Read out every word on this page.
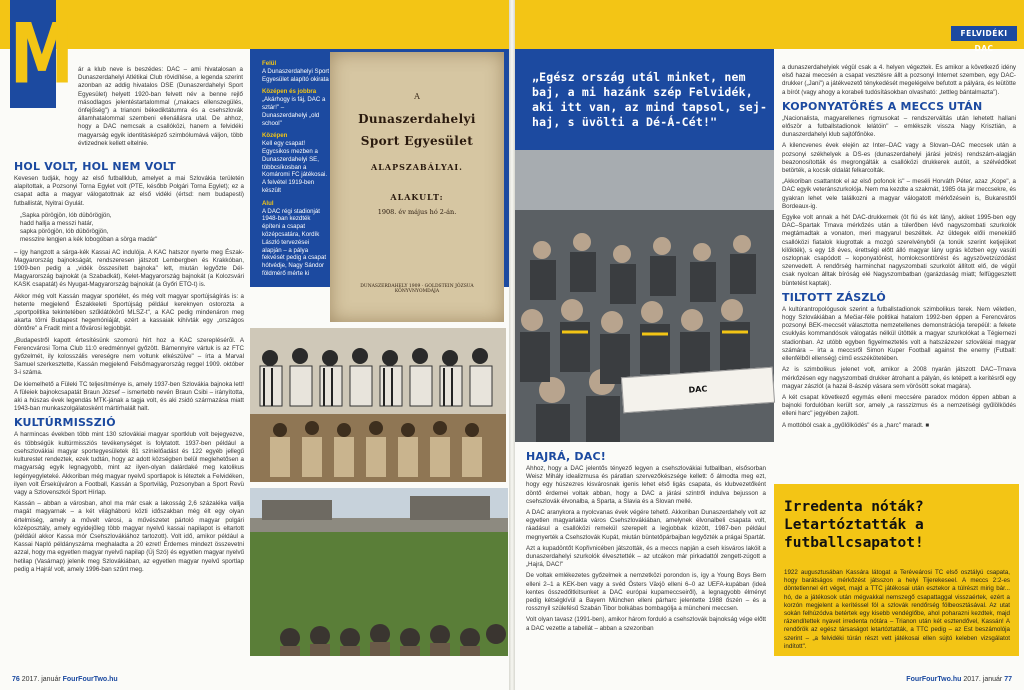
M ár a klub neve is beszédes: DAC – ami hivatalosan a Dunaszerdahelyi Atlétikai Club rövidítése, a legenda szerint azonban az addig hivatalos DSE (Dunaszerdahelyi Sport Egyesület) helyett 1920-ban felvett név a benne rejlő másodlagos jelentéstartalommal („makacs ellenszegülés, önfejűség") a trianoni békediktátumra és a csehszlovák államhatalommal szembeni ellenállásra utal. De ahhoz, hogy a DAC nemcsak a csallóközi, hanem a felvidéki magyarság egyik identitásképző szimbólumává váljon, több évtizednek kellett eltelnie.

HOL VOLT, HOL NEM VOLT

Kevesen tudják, hogy az első futballklub, amelyet a mai Szlovákia területén alapítottak, a Pozsonyi Torna Egylet volt (PTE, később Polgári Torna Egylet); ez a csapat adta a magyar válogatottnak az első vidéki (értsd: nem budapesti) futballistát, Nyitrai Gyulát.

„Sapka pörögjön, lób dübörögjön,
hadd hallja a messzi határ,
sapka pörögjön, lób dübörögjön,
messzire lengjen a kék lobogóban a sörga madár"

– így hangzott a sárga-kék Kassai AC indulója. A KAC hatszor nyerte meg Észak-Magyarország bajnokságát, rendszeresen játszott Lembergben és Krakkóban, 1909-ben pedig a „vidék összesített bajnoka" lett, miután legyőzte Dél-Magyarország bajnokát (a Szabadkát), Kelet-Magyarország bajnokát (a Kolozsvári KASK csapatát) és Nyugat-Magyarország bajnokát (a Győri ETO-t) is.

Akkor még volt Kassán magyar sportélet, és még volt magyar sportújságírás is: a hetente megjelenő Északkeleti Sportújság például kereknyen ostorozta a „sportpolitika tekintetében szűklátókörű MLSZ-t", a KAC pedig mindenáron meg akarta törni Budapest hegemóniáját, ezért a kassaiak kihívták egy „országos döntőre" a Fradit mint a fővárosi legjobbját.

„Budapestről kapott értesítésünk szomorú hírt hoz a KAC szereplésérõl. A Ferencvárosi Torna Club 11:0 eredménnyel győzött. Bámennyire vártuk is az FTC győzelmét, ily kolosszális vereségre nem voltunk elkészülve" – írta a Marval Samuel szerkesztette, Kassán megjelenő Felsőmagyarország reggel 1909. október 3-i száma.

De kiemelhető a Füleki TC teljesítménye is, amely 1937-ben Szlovákia bajnoka lett! A füleiek bajnokcsapatát Braun József – ismertebb nevén Braun Csibi – irányította, aki a húszas évek legendás MTK-jának a tagja volt, és aki zsidó származása miatt 1943-ban munkaszolgálatosként mártírhalált halt.

KULTÚRMISSZIÓ

A harmincas években több mint 130 szlovákiai magyar sportklub volt bejegyezve, és többségük kultúrmissziós tevékenységet is folytatott. 1937-ben például a csehszlovákiai magyar sportegyesületek 81 színielőadást és 122 egyéb jellegű kulturestet rendeztek, ezek tudtán, hogy az adott községben belül meglehetősen a magyarság egyik legnagyobb, mint az ilyen-olyan dalárdaké meg katolikus legényegyleteké. Akkoriban még magyar nyelvű sportlapok is léteztek a Felvidéken, ilyen volt Érsekújváron a Football, Kassán a Sportvilág, Pozsonyban a Sport Revü vagy a Szlovenszkói Sport Hírlap.

Kassán – abban a városban, ahol ma már csak a lakosság 2,6 százaléka vallja magát magyarnak – a két világháború közti időszakban még élt egy olyan értelmiség, amely a művelt városi, a művészetet pártoló magyar polgári középosztály, amely egyidejűleg több magyar nyelvű kassai napilapot is eltartott (példáúl akkor Kassa mór Csehszlovákiához tartozott). Volt idő, amikor például a Kassai Napló példányszáma meghaladta a 20 ezret! Érdemes mindezt összevetni azzal, hogy ma egyetlen magyar nyelvű napilap (Új Szó) és egyetlen magyar nyelvű hetilap (Vasárnap) jelenik meg Szlovákiában, az egyetlen magyar nyelvű sportlap pedig a Hajrá! volt, amely 1996-ban szűnt meg.

Felül
A Dunaszerdahelyi Sport Egyesület alapító okirata

Középen és jobbra
„Akárhogy is fáj, DAC a sztár!" – Dunaszerdahelyi „old school"

Középen
Kell egy csapat! Egycsikos mezben a Dunaszerdahelyi SE, többcsíkosban a Komáromi FC játékosai. A felvétel 1919-ben készült

Alul
A DAC régi stadionját 1948-ban kezdték építeni a csapat középcsatára, Kordík László tervezései alapján – a pálya fekvését pedig a csapat hótvédje, Nagy Sándor földmérő mérte ki

A
Dunaszerdahelyi
Sport Egyesület
ALAPSZABÁLYAI.
ALAKULT:
1908. év május hó 2-án.
DUNASZERDAHELY 1909 · GOLDSTEIN JÓZSUA KÖNYVNYOMDÁJA
76 2017. január FourFourTwo.hu
FELVIDÉKI DAC
„Egész ország utál minket, nem baj, a mi hazánk szép Felvidék, aki itt van, az mind tapsol, sej-haj, s üvölti a Dé-Á-Cét!"
DAC
HAJRÁ, DAC!

Ahhoz, hogy a DAC jelentős tényező legyen a csehszlovákiai futballban, elsősorban Weisz Mihály idealizmusa és páratlan szervezőkészsége kellett: ő álmodta meg ezt, hogy egy húszezres kisvárosnak igenis lehet első ligás csapata, és klubvezetőként döntő érdemei voltak abban, hogy a DAC a járási szintről indulva bejusson a csehszlovák élvonalba, a Sparta, a Slavia és a Slovan mellé.

A DAC aranykora a nyolcvanas évek végére tehető. Akkoriban Dunaszerdahely volt az egyetlen magyarlakta város Csehszlovákiában, amelynek élvonalbeli csapata volt, ráadásul a csallóközi remekül szerepelt a legjobbak között, 1987-ben például megnyerték a Csehszlovák Kupát, miután büntetőpárbajban legyőzték a prágai Spartát.

Azt a kupadöntőt Kopřivnicében játszották, és a meccs napján a cseh kisváros lakóit a dunaszerdahelyi szurkolók élvesztették – az utcákon már pirkadattól zengett-zúgott a „Hajrá, DAC!"

De voltak emlékezetes győzelmek a nemzetközi porondon is, így a Young Boys Bern elleni 2–1 a KEK-ben vagy a svéd Östers Växjö elleni 6–0 az UEFA-kupában (ideá kentes összedőltkitsunket a DAC európai kupameccseiről), a legnagyobb élményt pedig kétségkívül a Bayern München elleni párharc jelentette 1988 őszén – és a rossznyíl szülefésű Szabán Tibor bolkábas bombagólja a müncheni meccsen.

Volt olyan tavasz (1991-ben), amikor három forduló a csehszlovák bajnokság vége előtt a DAC vezette a tabellát – abban a szezonban

a dunaszerdahelyiek végül csak a 4. helyen végeztek. És amikor a következő idény első hazai meccsén a csapat vesztésre állt a pozsonyi Internet szemben, egy DAC-drukker („Jani") a játékvezető ténykedését megelégelve befutott a pályára, és leütötte a bírót (vagy ahogy a korabeli tudósításokban olvasható: „tettleg bántalmazta").

KOPONYATÖRÉS A MECCS UTÁN

„Nacionalista, magyarellenes rigmusokat – rendszerváltás után lehetett hallani először a futballstadionok lelátóin" – emlékszik vissza Nagy Krisztián, a dunaszerdahelyi klub sajtófőnöke.

A kilencvenes évek elején az Inter–DAC vagy a Slovan–DAC meccsek után a pozsonyi székhelyek a DS-es (dunaszerdahelyi járási jelzés) rendszám-alagján beazonosították és megrongálták a csallóközi drukkerek autóit, a szélvédőket betörték, a kocsik oldalát felkarcolták.

„Akkoriban csattantok el az első pofonok is" – meséli Horváth Péter, azaz „Kope", a DAC egyik veteránszurkolója. Nem ma kezdte a szakmát, 1985 óta jár meccsekre, és gyakran lehet vele találkozni a magyar válogatott mérkőzésein is, Bukaresttől Bordeaux-ig.

Egyike volt annak a hét DAC-drukkernek (öt fiú és két lány), akiket 1995-ben egy DAC–Spartak Trnava mérkőzés után a túlerőben lévő nagyszombati szurkolók megtámadtak a vonaton, meri magyarul beszéltek. Az üldegek előli menekülő csallóközi fiatalok kiugrottak a mozgó szerelvényből (a tonúk szerint ketjejüket kilökték), s egy 18 éves, érettségi előtt álló magyar lány ugrás közben egy vasúti oszlopnak csapódott – koponyatörést, homlokcsonttörést és agyszövetzúzódást szenvedett. A rendőrség harminchat nagyszombati szurkolót állított elő, de végül csak nyolcan álltak bíróság elé Nagyszombatban (garázdaság miatt; felfüggesztett büntetést kaptak).

TILTOTT ZÁSZLÓ

A kultúrantropológusok szerint a futballstadionok szimbolikus terek. Nem véletlen, hogy Szlovákiában a Mečiar-féle politikai hatalom 1992-ben éppen a Ferencváros pozsonyi BEK-meccsét választotta nemzetellenes demonstrációja terepéül: a fekete csuklyás kommandósok válogatás nélkül ütötték a magyar szurkolókat a Tégiernezi stadionban. Az utóbb egyben figyelmeztetés volt a hatszázezer szlovákiai magyar számára – írta a meccsről Simon Kuper Football against the enemy (Futball: ellenfélből ellenség) című esszékötetében.

Az is szimbolikus jelenet volt, amikor a 2008 nyarán játszott DAC–Trnava mérkőzésen egy nagyszombati drukker átrohant a pályán, és letépett a kerítésről egy magyar zászlót (a hazai 8-ászép vásara sem vörösött sokat magára).

A két csapat következő egymás elleni meccsére paradox módon éppen abban a bajnoki fordulóban került sor, amely „a rasszizmus és a nemzetiségi gyűlölködés elleni harc" jegyében zajlott.

A mottóból csak a „gyűlölködés" és a „harc" maradt. ■

Irredenta nóták? Letartóztatták a futballcsapatot!
1922 augusztusában Kassára látogat a Teréveárosi TC első osztályú csapata, hogy barátságos mérkőzést játsszon a helyi Tijerekeseel. A meccs 2:2-es döntetlennel ért véget, majd a TTC játékosai után esztekor a túlrészt mirig bár... hó, de a játékosok után mégvakkal nemszegő csapattaggal visszaértek, ezért a korzón megjelent a kerítéssel fól a szlovák rendőrség fölbeosztásával. Az utat sokán felhúzódva betértek egy kisebb vendéglőbe, ahol poharazni kezdtek, majd rázendítettek nyavet irredenta nótára – Trianon után két esztendővel, Kassán! A rendőrök az egész társaságot letartóztatták, a TTC pedig – az Est beszámolója szerint – „a felvidéki túrán részt vett játékosai ellen sújtó keleben vizsgálatot indított".
FourFourTwo.hu 2017. január 77
